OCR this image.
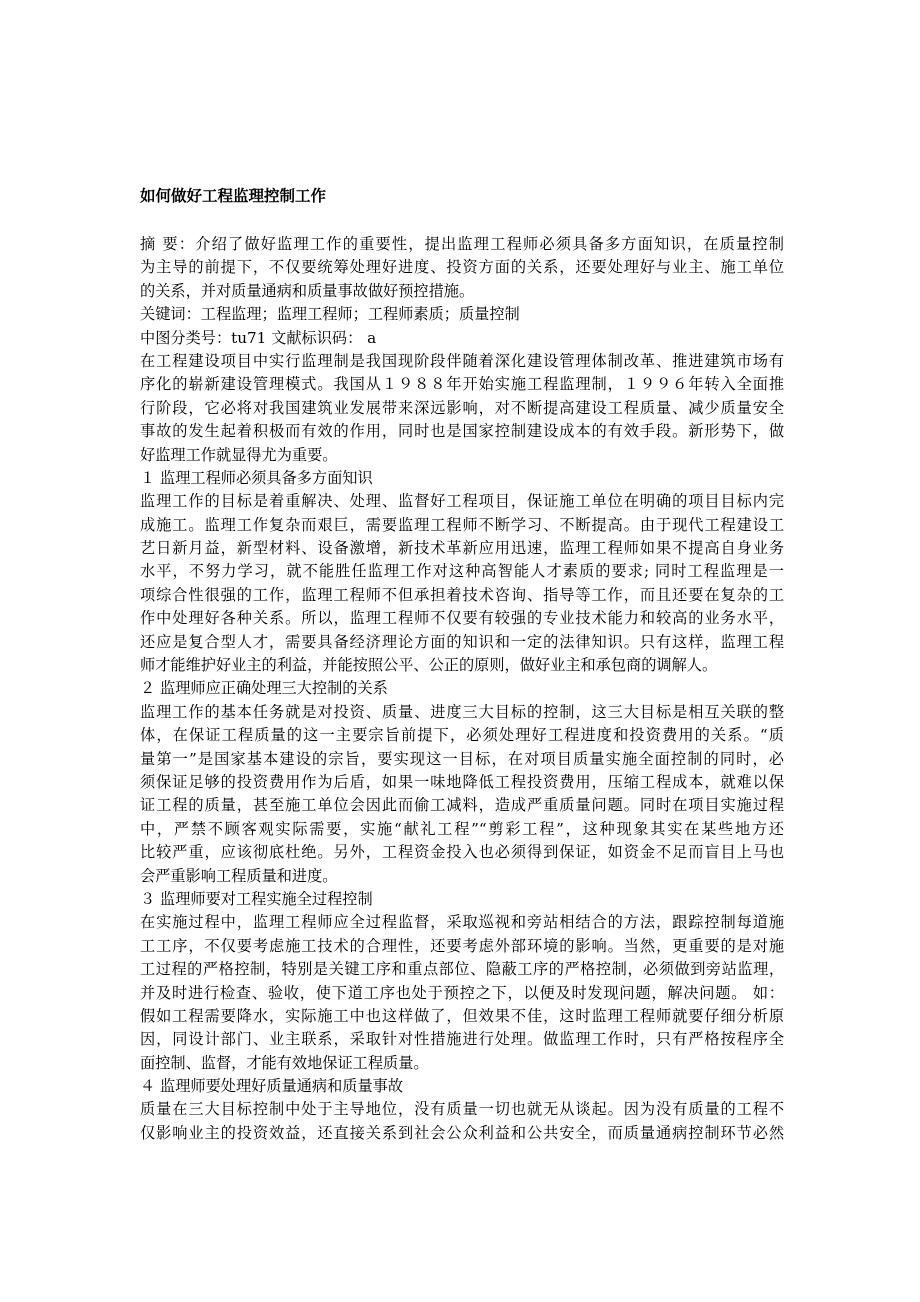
如何做好工程监理控制工作
摘 要：介绍了做好监理工作的重要性，提出监理工程师必须具备多方面知识，在质量控制
为主导的前提下，不仅要统筹处理好进度、投资方面的关系，还要处理好与业主、施工单位
的关系，并对质量通病和质量事故做好预控措施。
关键词：工程监理；监理工程师；工程师素质；质量控制
中图分类号：tu71 文献标识码： a
在工程建设项目中实行监理制是我国现阶段伴随着深化建设管理体制改革、推进建筑市场有
序化的崭新建设管理模式。我国从１９８８年开始实施工程监理制，１９９６年转入全面推
行阶段，它必将对我国建筑业发展带来深远影响，对不断提高建设工程质量、减少质量安全
事故的发生起着积极而有效的作用，同时也是国家控制建设成本的有效手段。新形势下，做
好监理工作就显得尤为重要。
１ 监理工程师必须具备多方面知识
监理工作的目标是着重解决、处理、监督好工程项目，保证施工单位在明确的项目目标内完
成施工。监理工作复杂而艰巨，需要监理工程师不断学习、不断提高。由于现代工程建设工
艺日新月益，新型材料、设备激增，新技术革新应用迅速，监理工程师如果不提高自身业务
水平，不努力学习，就不能胜任监理工作对这种高智能人才素质的要求; 同时工程监理是一
项综合性很强的工作，监理工程师不但承担着技术咨询、指导等工作，而且还要在复杂的工
作中处理好各种关系。所以，监理工程师不仅要有较强的专业技术能力和较高的业务水平，
还应是复合型人才，需要具备经济理论方面的知识和一定的法律知识。只有这样，监理工程
师才能维护好业主的利益，并能按照公平、公正的原则，做好业主和承包商的调解人。
２ 监理师应正确处理三大控制的关系
监理工作的基本任务就是对投资、质量、进度三大目标的控制，这三大目标是相互关联的整
体，在保证工程质量的这一主要宗旨前提下，必须处理好工程进度和投资费用的关系。“质
量第一”是国家基本建设的宗旨，要实现这一目标，在对项目质量实施全面控制的同时，必
须保证足够的投资费用作为后盾，如果一味地降低工程投资费用，压缩工程成本，就难以保
证工程的质量，甚至施工单位会因此而偷工减料，造成严重质量问题。同时在项目实施过程
中，严禁不顾客观实际需要，实施“献礼工程”“剪彩工程”，这种现象其实在某些地方还
比较严重，应该彻底杜绝。另外，工程资金投入也必须得到保证，如资金不足而盲目上马也
会严重影响工程质量和进度。
３ 监理师要对工程实施全过程控制
在实施过程中，监理工程师应全过程监督，采取巡视和旁站相结合的方法，跟踪控制每道施
工工序，不仅要考虑施工技术的合理性，还要考虑外部环境的影响。当然，更重要的是对施
工过程的严格控制，特别是关键工序和重点部位、隐蔽工序的严格控制，必须做到旁站监理，
并及时进行检查、验收，使下道工序也处于预控之下，以便及时发现问题，解决问题。 如：
假如工程需要降水，实际施工中也这样做了，但效果不佳，这时监理工程师就要仔细分析原
因，同设计部门、业主联系，采取针对性措施进行处理。做监理工作时，只有严格按程序全
面控制、监督，才能有效地保证工程质量。
４ 监理师要处理好质量通病和质量事故
质量在三大目标控制中处于主导地位，没有质量一切也就无从谈起。因为没有质量的工程不
仅影响业主的投资效益，还直接关系到社会公众利益和公共安全，而质量通病控制环节必然
